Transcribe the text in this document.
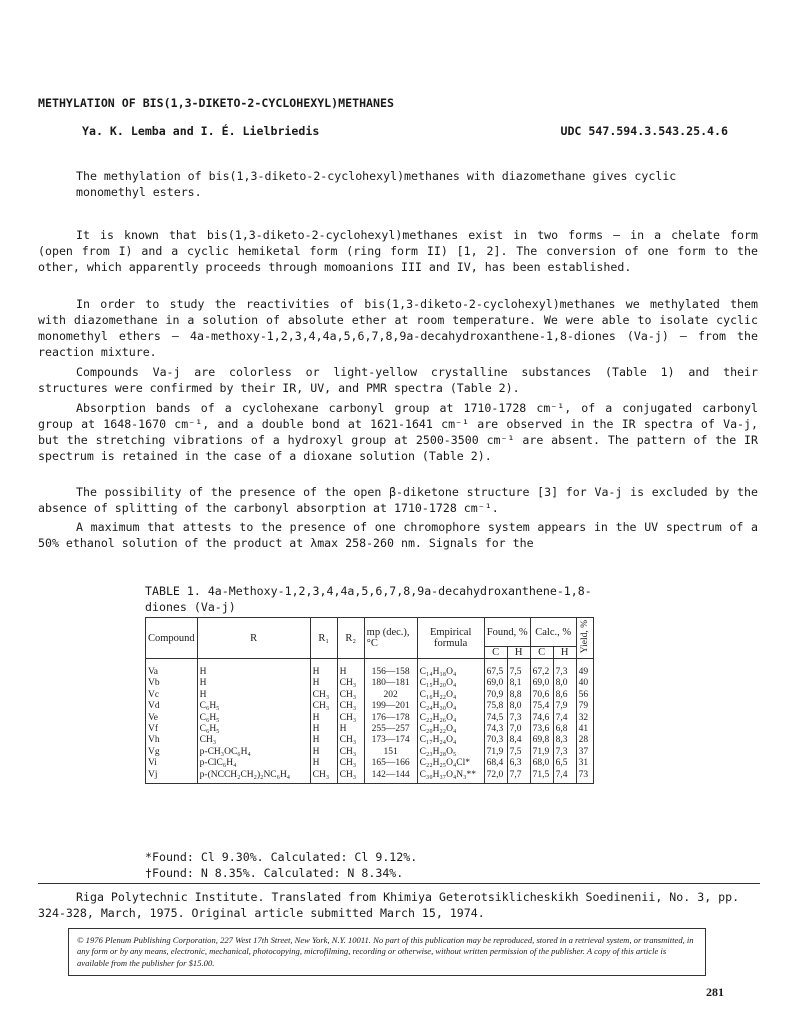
METHYLATION OF BIS(1,3-DIKETO-2-CYCLOHEXYL)METHANES
Ya. K. Lemba and I. É. Lielbriedis	UDC 547.594.3.543.25.4.6
The methylation of bis(1,3-diketo-2-cyclohexyl)methanes with diazomethane gives cyclic monomethyl esters.
It is known that bis(1,3-diketo-2-cyclohexyl)methanes exist in two forms — in a chelate form (open from I) and a cyclic hemiketal form (ring form II) [1, 2]. The conversion of one form to the other, which apparently proceeds through momoanions III and IV, has been established.
In order to study the reactivities of bis(1,3-diketo-2-cyclohexyl)methanes we methylated them with diazomethane in a solution of absolute ether at room temperature. We were able to isolate cyclic monomethyl ethers — 4a-methoxy-1,2,3,4,4a,5,6,7,8,9a-decahydroxanthene-1,8-diones (Va-j) — from the reaction mixture.
Compounds Va-j are colorless or light-yellow crystalline substances (Table 1) and their structures were confirmed by their IR, UV, and PMR spectra (Table 2).
Absorption bands of a cyclohexane carbonyl group at 1710-1728 cm⁻¹, of a conjugated carbonyl group at 1648-1670 cm⁻¹, and a double bond at 1621-1641 cm⁻¹ are observed in the IR spectra of Va-j, but the stretching vibrations of a hydroxyl group at 2500-3500 cm⁻¹ are absent. The pattern of the IR spectrum is retained in the case of a dioxane solution (Table 2).
The possibility of the presence of the open β-diketone structure [3] for Va-j is excluded by the absence of splitting of the carbonyl absorption at 1710-1728 cm⁻¹.
A maximum that attests to the presence of one chromophore system appears in the UV spectrum of a 50% ethanol solution of the product at λmax 258-260 nm. Signals for the
TABLE 1. 4a-Methoxy-1,2,3,4,4a,5,6,7,8,9a-decahydroxanthene-1,8-diones (Va-j)
Compound	R	R₁	R₂	mp (dec.), °C	Empirical formula	Found, %		Calc., %		Yield, %
						C	H	C	H	
Va	H	H	H	156—158	C₁₄H₁₈O₄	67,5	7,5	67,2	7,3	49
Vb	H	H	CH₃	180—181	C₁₅H₂₀O₄	69,0	8,1	69,0	8,0	40
Vc	H	CH₃	CH₃	202	C₁₆H₂₂O₄	70,9	8,8	70,6	8,6	56
Vd	C₆H₅	CH₃	CH₃	199—201	C₂₄H₃₀O₄	75,8	8,0	75,4	7,9	79
Ve	C₆H₅	H	CH₃	176—178	C₂₂H₂₆O₄	74,5	7,3	74,6	7,4	32
Vf	C₆H₅	H	H	255—257	C₂₀H₂₂O₄	74,3	7,0	73,6	6,8	41
Vh	CH₃	H	CH₃	173—174	C₁₇H₂₄O₄	70,3	8,4	69,8	8,3	28
Vg	p-CH₃OC₆H₄	H	CH₃	151	C₂₃H₂₈O₅	71,9	7,5	71,9	7,3	37
Vi	p-ClC₆H₄	H	CH₃	165—166	C₂₂H₂₅O₄Cl*	68,4	6,3	68,0	6,5	31
Vj	p-(NCCH₂CH₂)₂NC₆H₄	CH₃	CH₃	142—144	C₃₀H₃₇O₄N₃**	72,0	7,7	71,5	7,4	73
*Found: Cl 9.30%. Calculated: Cl 9.12%.
†Found: N 8.35%. Calculated: N 8.34%.
Riga Polytechnic Institute. Translated from Khimiya Geterotsiklicheskikh Soedinenii, No. 3, pp. 324-328, March, 1975. Original article submitted March 15, 1974.
© 1976 Plenum Publishing Corporation, 227 West 17th Street, New York, N.Y. 10011. No part of this publication may be reproduced, stored in a retrieval system, or transmitted, in any form or by any means, electronic, mechanical, photocopying, microfilming, recording or otherwise, without written permission of the publisher. A copy of this article is available from the publisher for $15.00.
281
